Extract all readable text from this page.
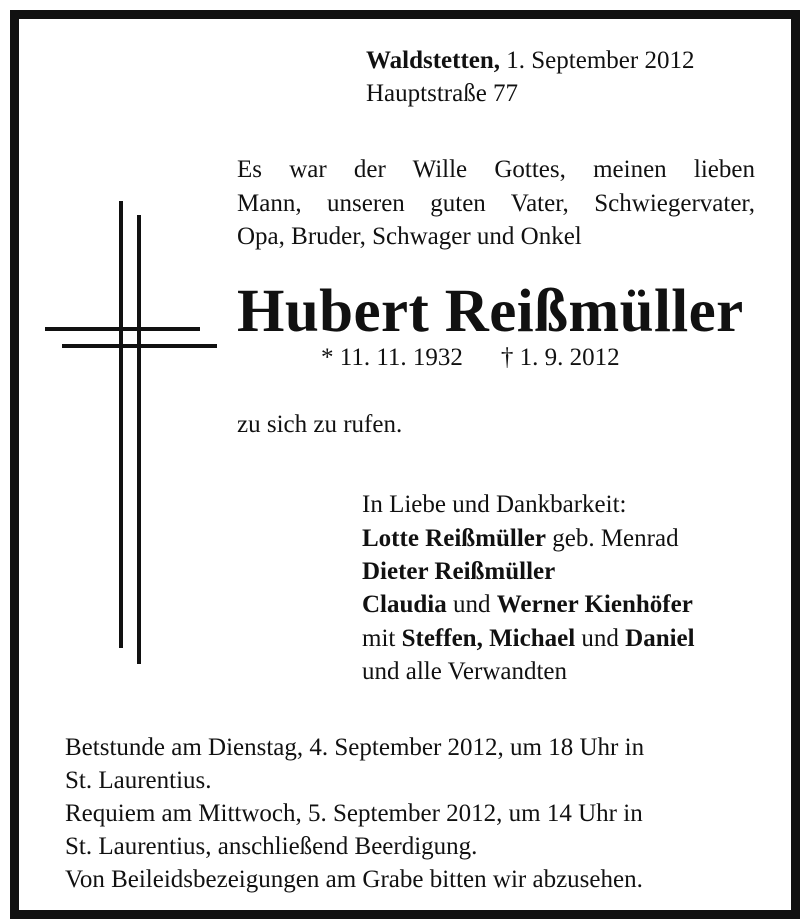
Waldstetten, 1. September 2012
Hauptstraße 77
Es war der Wille Gottes, meinen lieben
Mann, unseren guten Vater, Schwiegervater,
Opa, Bruder, Schwager und Onkel
Hubert Reißmüller
* 11. 11. 1932 † 1. 9. 2012
zu sich zu rufen.
In Liebe und Dankbarkeit:
Lotte Reißmüller geb. Menrad
Dieter Reißmüller
Claudia und Werner Kienhöfer
mit Steffen, Michael und Daniel
und alle Verwandten
Betstunde am Dienstag, 4. September 2012, um 18 Uhr in
St. Laurentius.
Requiem am Mittwoch, 5. September 2012, um 14 Uhr in
St. Laurentius, anschließend Beerdigung.
Von Beileidsbezeigungen am Grabe bitten wir abzusehen.
